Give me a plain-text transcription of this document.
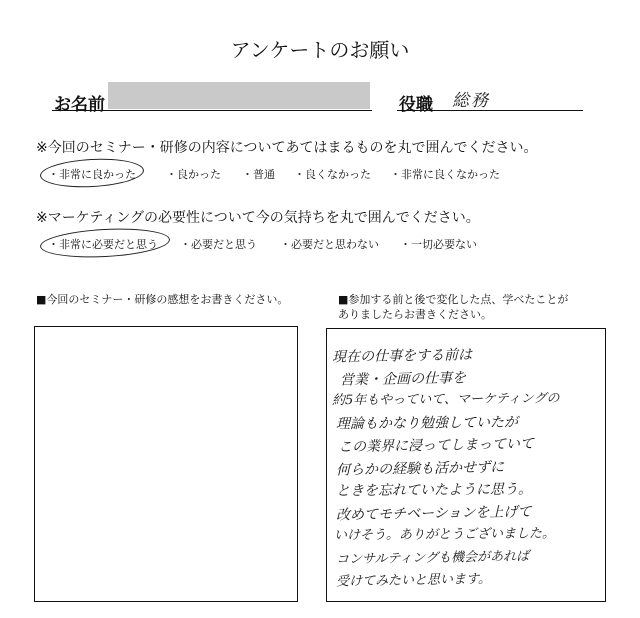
アンケートのお願い
お名前	役職 総務
※今回のセミナー・研修の内容についてあてはまるものを丸で囲んでください。
・非常に良かった	・良かった ・普通 ・良くなかった ・非常に良くなかった
※マーケティングの必要性について今の気持ちを丸で囲んでください。
・非常に必要だと思う ・必要だと思う ・必要だと思わない ・一切必要ない
■今回のセミナー・研修の感想をお書きください。	■参加する前と後で変化した点、学べたことが
ありましたらお書きください。
現在の仕事をする前は
営業・企画の仕事を
約5年もやっていて、マーケティングの
理論もかなり勉強していたが
この業界に浸ってしまっていて
何らかの経験も活かせずに
ときを忘れていたように思う。
改めてモチベーションを上げて
いけそう。ありがとうございました。
コンサルティングも機会があれば
受けてみたいと思います。
